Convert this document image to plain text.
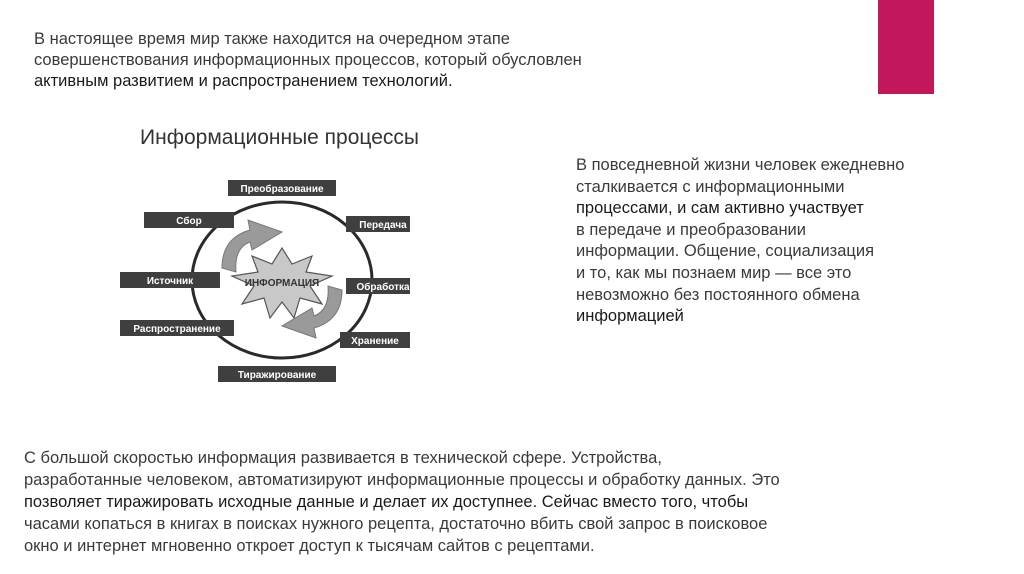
В настоящее время мир также находится на очередном этапе
совершенствования информационных процессов, который обусловлен
активным развитием и распространением технологий.

Информационные процессы
ИНФОРМАЦИЯ
Преобразование
Сбор	Передача
Источник
Обработка
Распространение
Хранение
Тиражирование

В повседневной жизни человек ежедневно
сталкивается с информационными
процессами, и сам активно участвует
в передаче и преобразовании
информации. Общение, социализация
и то, как мы познаем мир — все это
невозможно без постоянного обмена
информацией

С большой скоростью информация развивается в технической сфере. Устройства,
разработанные человеком, автоматизируют информационные процессы и обработку данных. Это
позволяет тиражировать исходные данные и делает их доступнее. Сейчас вместо того, чтобы
часами копаться в книгах в поисках нужного рецепта, достаточно вбить свой запрос в поисковое
окно и интернет мгновенно откроет доступ к тысячам сайтов с рецептами.
